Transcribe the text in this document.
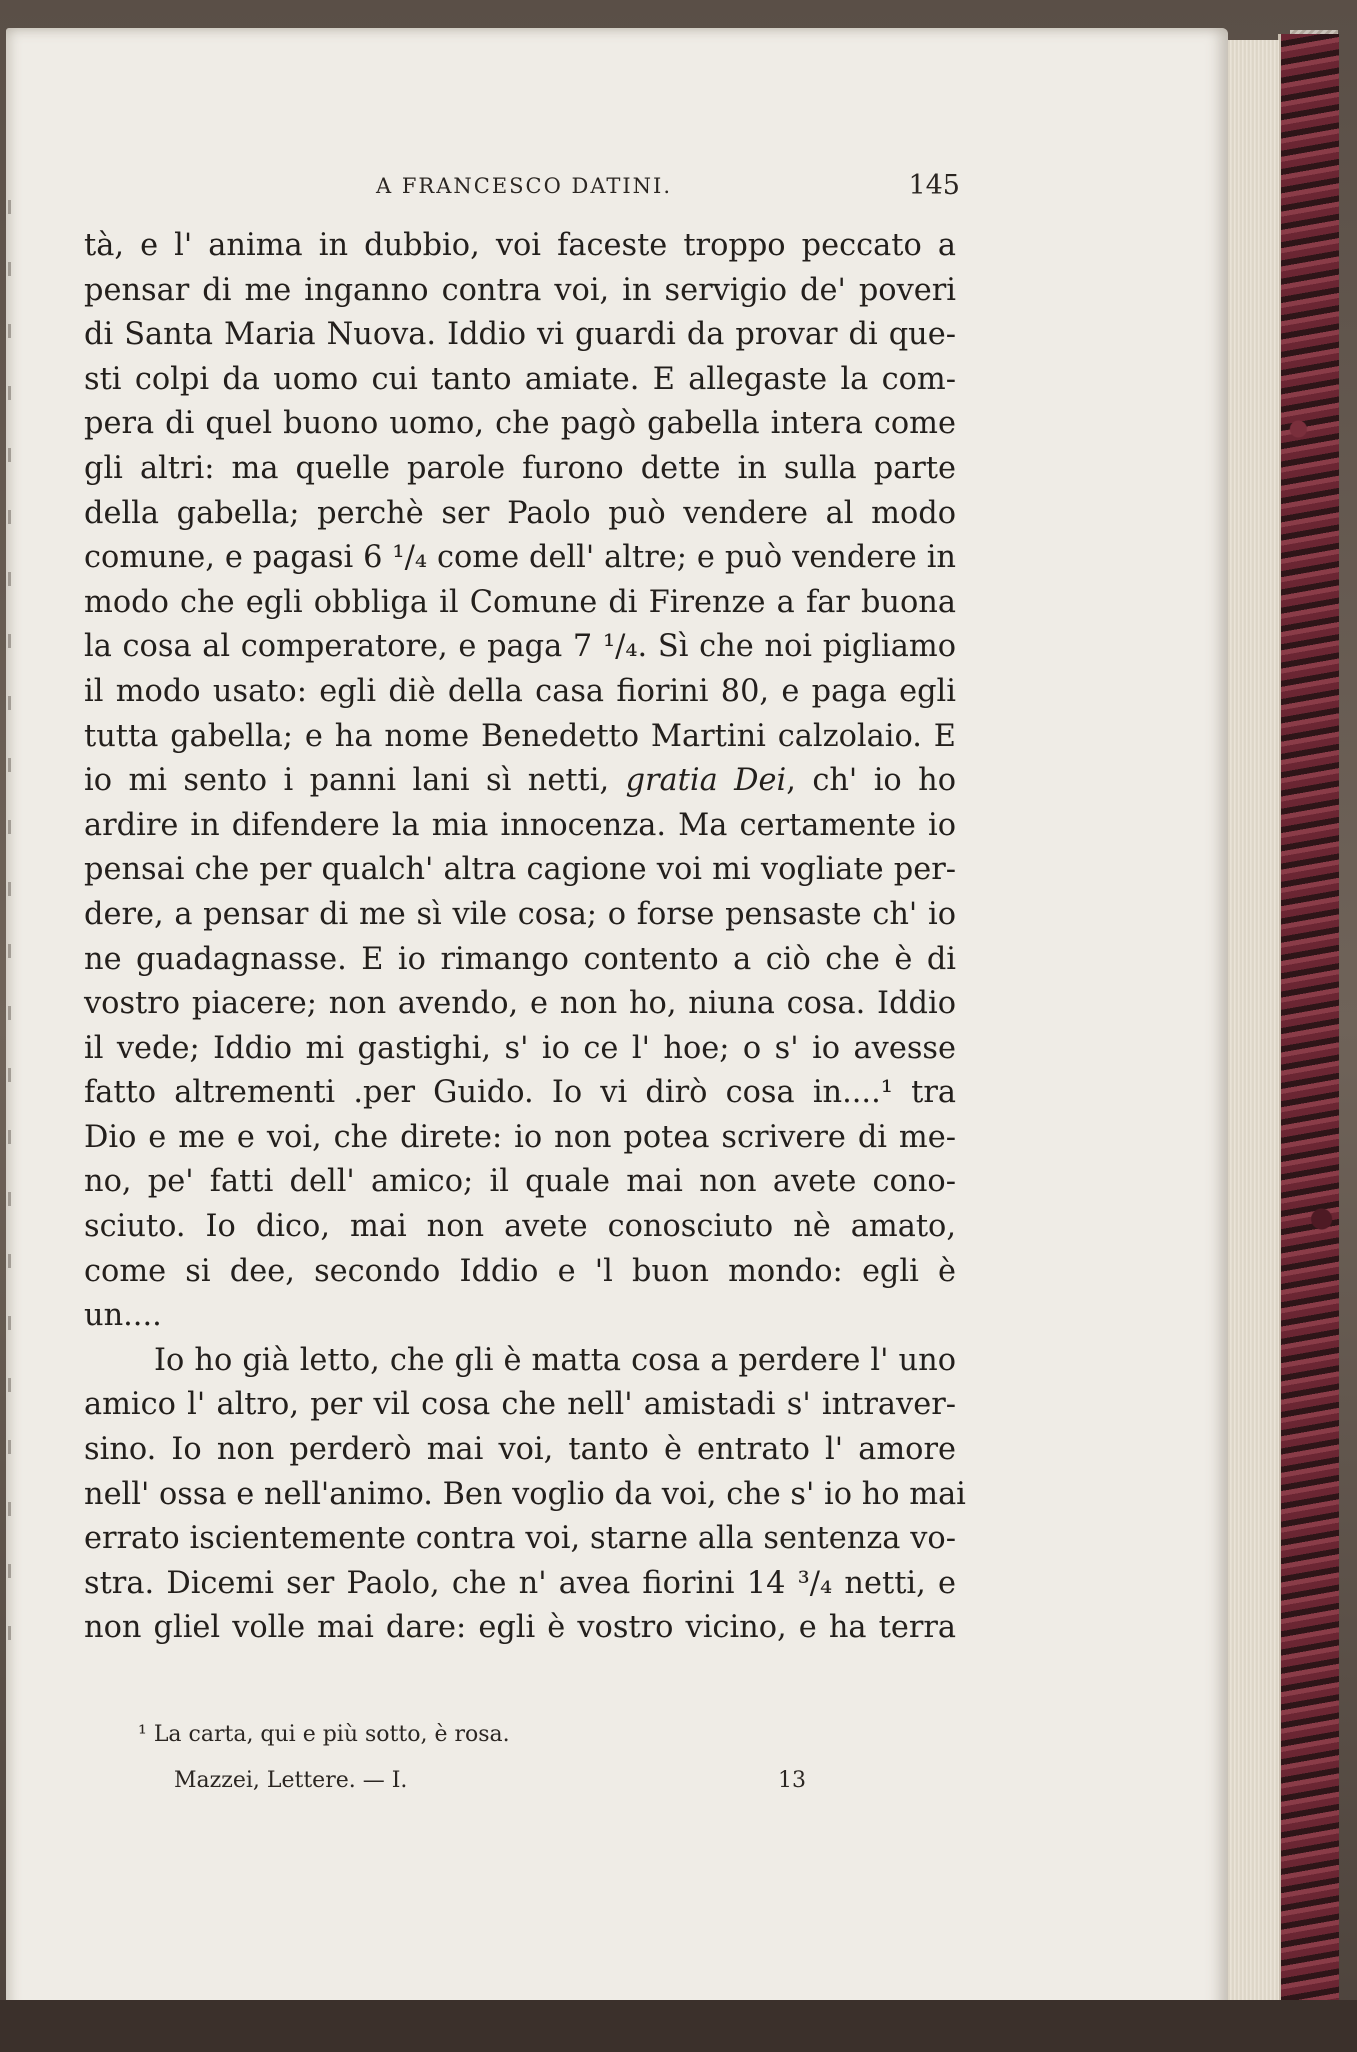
A FRANCESCO DATINI.	145
tà, e l' anima in dubbio, voi faceste troppo peccato a
pensar di me inganno contra voi, in servigio de' poveri
di Santa Maria Nuova. Iddio vi guardi da provar di que-
sti colpi da uomo cui tanto amiate. E allegaste la com-
pera di quel buono uomo, che pagò gabella intera come
gli altri: ma quelle parole furono dette in sulla parte
della gabella; perchè ser Paolo può vendere al modo
comune, e pagasi 6 ¹/₄ come dell' altre; e può vendere in
modo che egli obbliga il Comune di Firenze a far buona
la cosa al comperatore, e paga 7 ¹/₄. Sì che noi pigliamo
il modo usato: egli diè della casa fiorini 80, e paga egli
tutta gabella; e ha nome Benedetto Martini calzolaio. E
io mi sento i panni lani sì netti, gratia Dei, ch' io ho
ardire in difendere la mia innocenza. Ma certamente io
pensai che per qualch' altra cagione voi mi vogliate per-
dere, a pensar di me sì vile cosa; o forse pensaste ch' io
ne guadagnasse. E io rimango contento a ciò che è di
vostro piacere; non avendo, e non ho, niuna cosa. Iddio
il vede; Iddio mi gastighi, s' io ce l' hoe; o s' io avesse
fatto altrementi .per Guido. Io vi dirò cosa in....¹ tra
Dio e me e voi, che direte: io non potea scrivere di me-
no, pe' fatti dell' amico; il quale mai non avete cono-
sciuto. Io dico, mai non avete conosciuto nè amato,
come si dee, secondo Iddio e 'l buon mondo: egli è
un....
Io ho già letto, che gli è matta cosa a perdere l' uno
amico l' altro, per vil cosa che nell' amistadi s' intraver-
sino. Io non perderò mai voi, tanto è entrato l' amore
nell' ossa e nell'animo. Ben voglio da voi, che s' io ho mai
errato iscientemente contra voi, starne alla sentenza vo-
stra. Dicemi ser Paolo, che n' avea fiorini 14 ³/₄ netti, e
non gliel volle mai dare: egli è vostro vicino, e ha terra
¹ La carta, qui e più sotto, è rosa.
Mazzei, Lettere. — I.	13
